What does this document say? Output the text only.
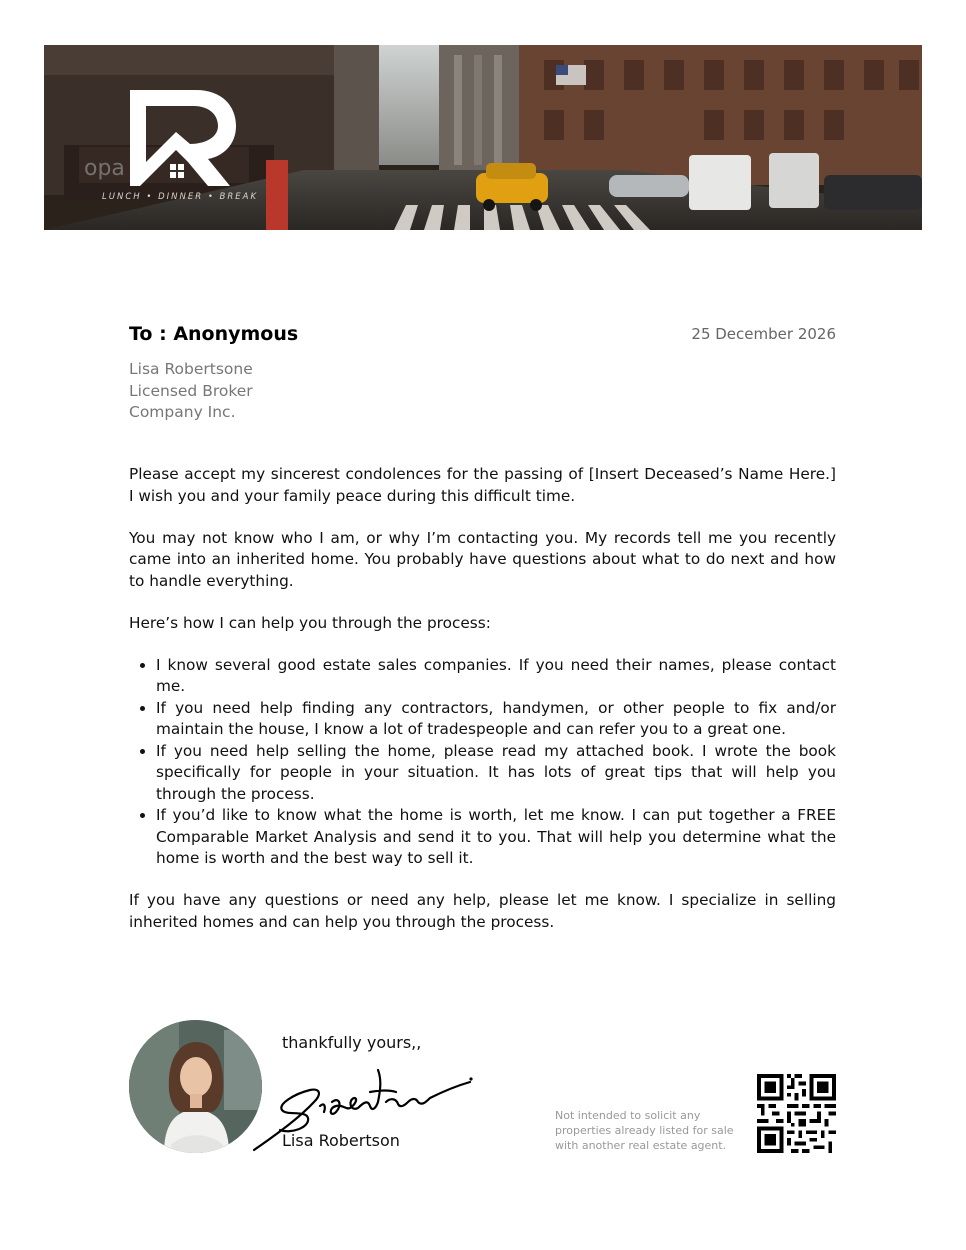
opa
LUNCH • DINNER • BREAK
To : Anonymous	25 December 2026
Lisa Robertsone
Licensed Broker
Company Inc.

Please accept my sincerest condolences for the passing of [Insert Deceased’s Name Here.] I wish you and your family peace during this difficult time.

You may not know who I am, or why I’m contacting you. My records tell me you recently came into an inherited home. You probably have questions about what to do next and how to handle everything.

Here’s how I can help you through the process:

• I know several good estate sales companies. If you need their names, please contact me.
• If you need help finding any contractors, handymen, or other people to fix and/or maintain the house, I know a lot of tradespeople and can refer you to a great one.
• If you need help selling the home, please read my attached book. I wrote the book specifically for people in your situation. It has lots of great tips that will help you through the process.
• If you’d like to know what the home is worth, let me know. I can put together a FREE Comparable Market Analysis and send it to you. That will help you determine what the home is worth and the best way to sell it.

If you have any questions or need any help, please let me know. I specialize in selling inherited homes and can help you through the process.

thankfully yours,,
Signature
Lisa Robertson
Not intended to solicit any properties already listed for sale with another real estate agent.
